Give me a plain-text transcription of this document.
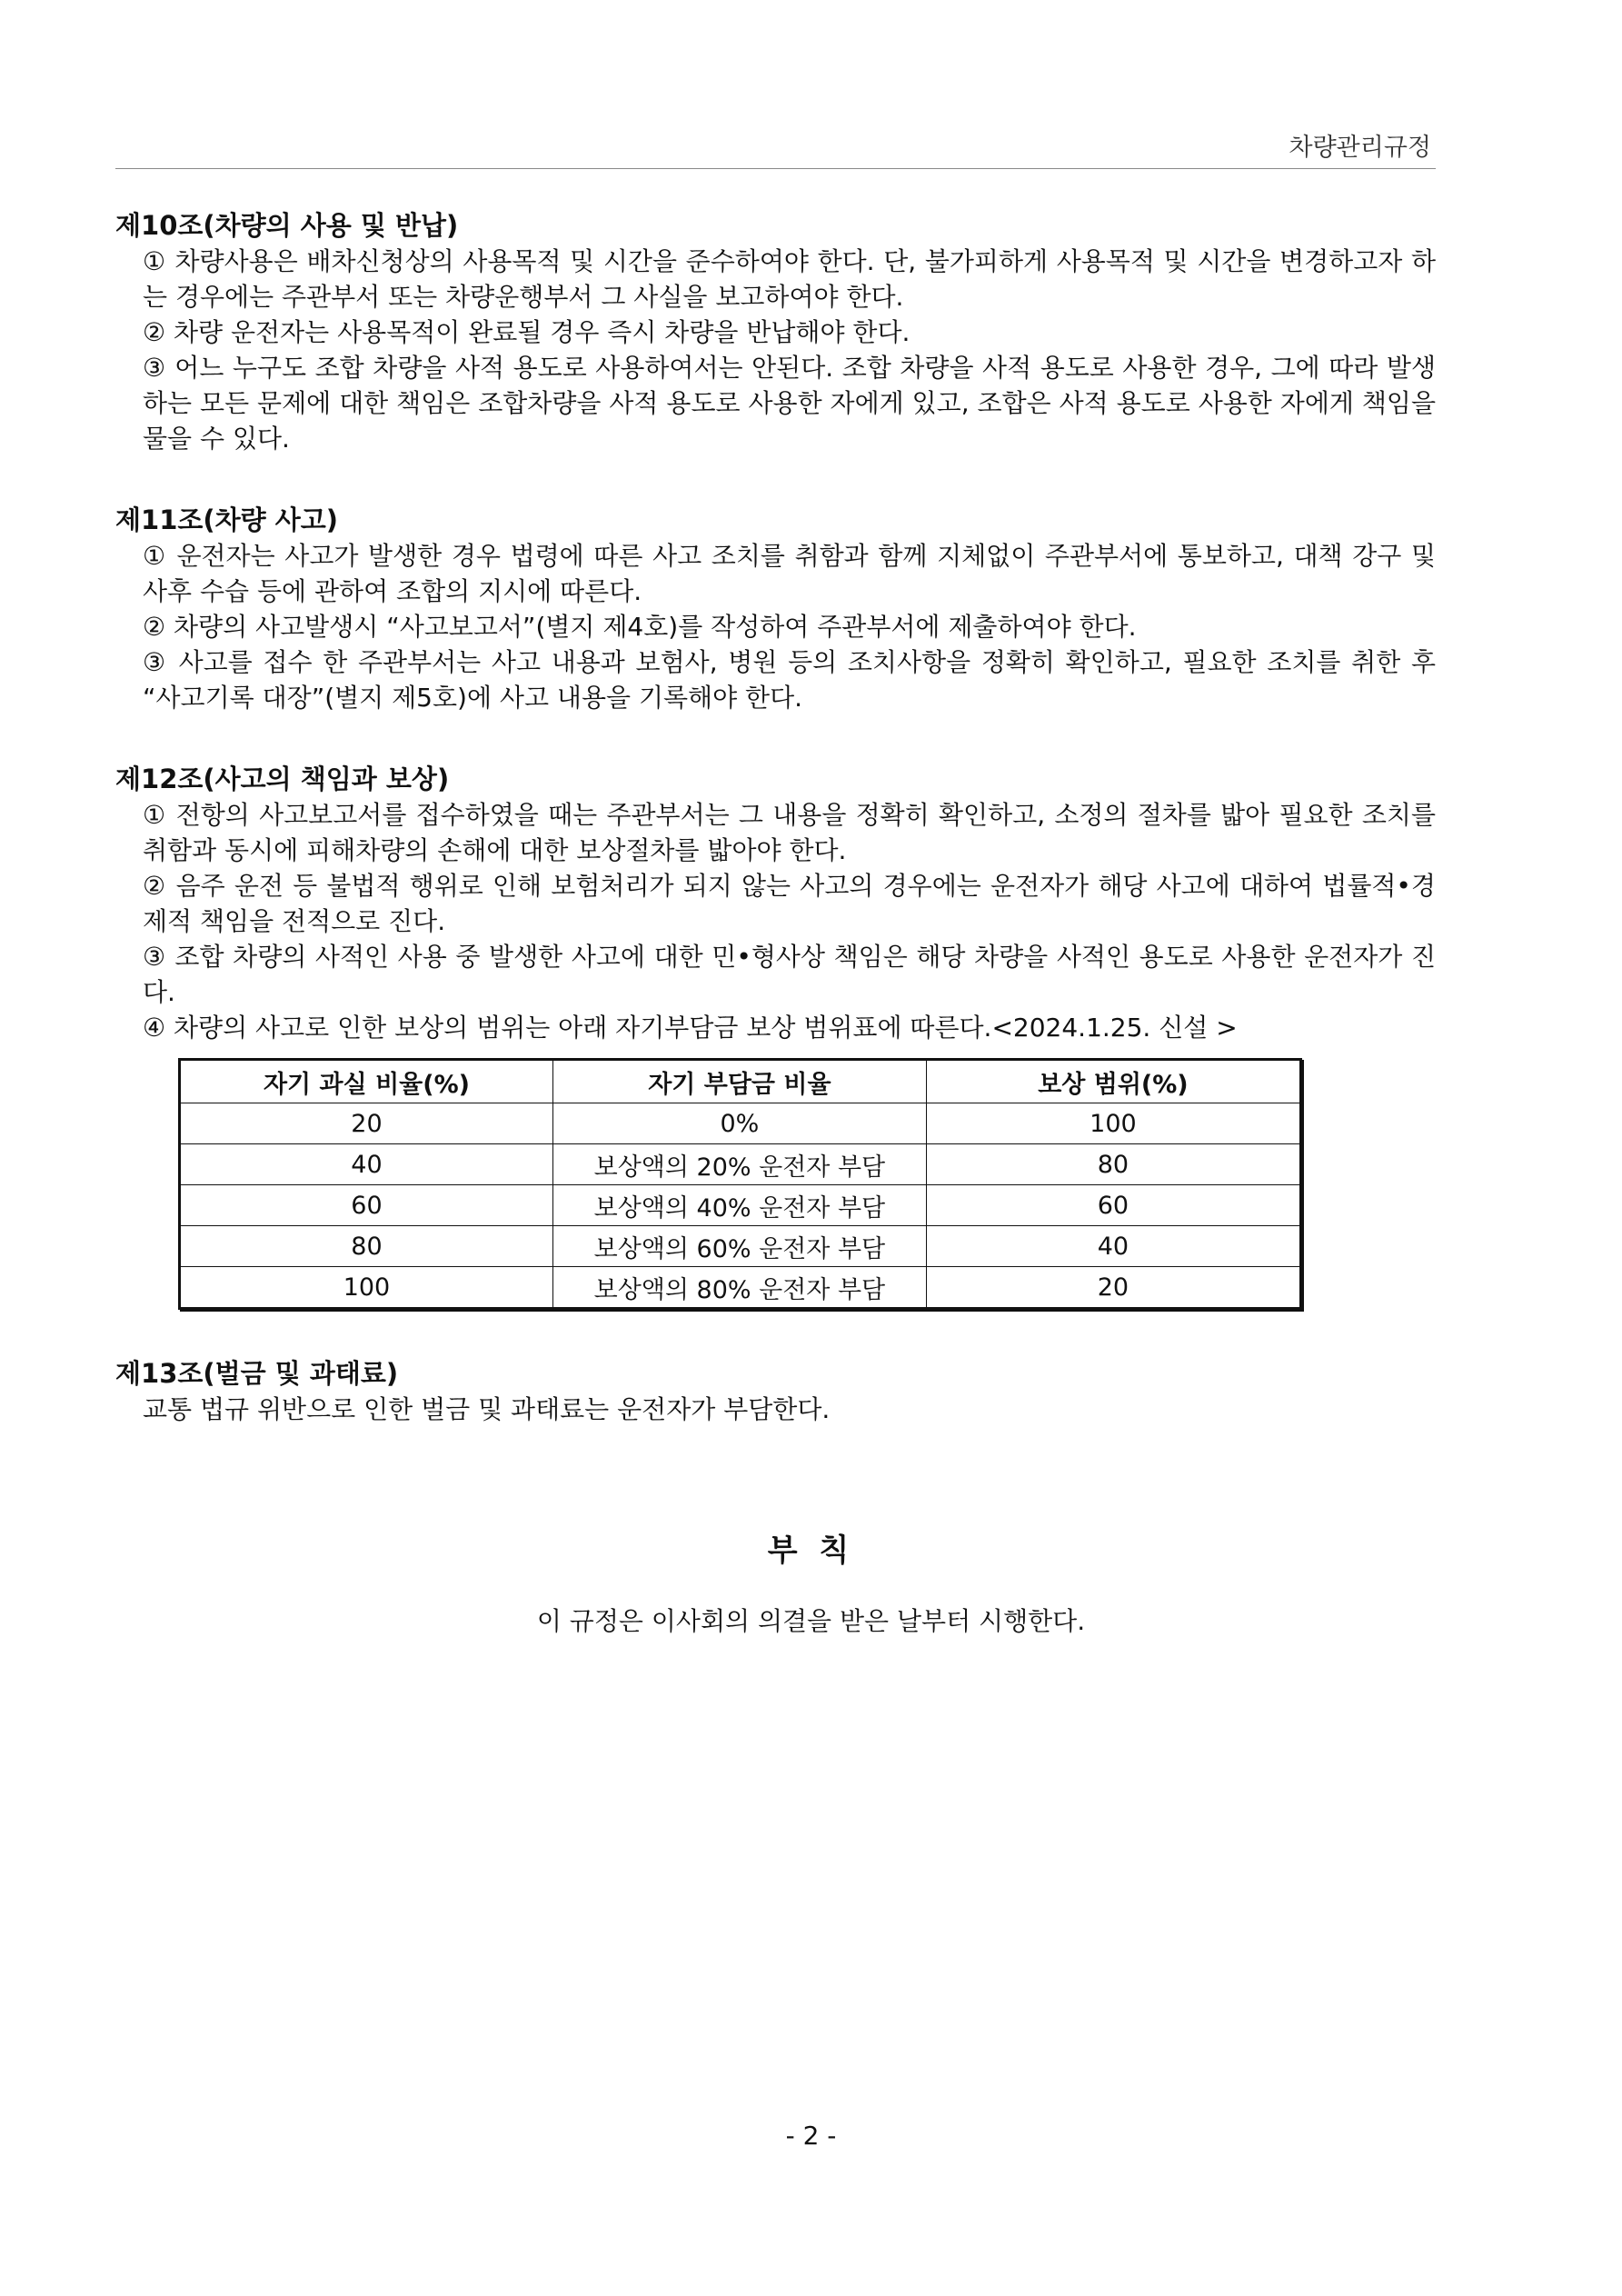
차량관리규정
제10조(차량의 사용 및 반납)

① 차량사용은 배차신청상의 사용목적 및 시간을 준수하여야 한다. 단, 불가피하게 사용목적 및 시간을 변경하고자 하는 경우에는 주관부서 또는 차량운행부서 그 사실을 보고하여야 한다.

② 차량 운전자는 사용목적이 완료될 경우 즉시 차량을 반납해야 한다.

③ 어느 누구도 조합 차량을 사적 용도로 사용하여서는 안된다. 조합 차량을 사적 용도로 사용한 경우, 그에 따라 발생하는 모든 문제에 대한 책임은 조합차량을 사적 용도로 사용한 자에게 있고, 조합은 사적 용도로 사용한 자에게 책임을 물을 수 있다.

제11조(차량 사고)

① 운전자는 사고가 발생한 경우 법령에 따른 사고 조치를 취함과 함께 지체없이 주관부서에 통보하고, 대책 강구 및 사후 수습 등에 관하여 조합의 지시에 따른다.

② 차량의 사고발생시 “사고보고서”(별지 제4호)를 작성하여 주관부서에 제출하여야 한다.

③ 사고를 접수 한 주관부서는 사고 내용과 보험사, 병원 등의 조치사항을 정확히 확인하고, 필요한 조치를 취한 후 “사고기록 대장”(별지 제5호)에 사고 내용을 기록해야 한다.

제12조(사고의 책임과 보상)

① 전항의 사고보고서를 접수하였을 때는 주관부서는 그 내용을 정확히 확인하고, 소정의 절차를 밟아 필요한 조치를 취함과 동시에 피해차량의 손해에 대한 보상절차를 밟아야 한다.

② 음주 운전 등 불법적 행위로 인해 보험처리가 되지 않는 사고의 경우에는 운전자가 해당 사고에 대하여 법률적•경제적 책임을 전적으로 진다.

③ 조합 차량의 사적인 사용 중 발생한 사고에 대한 민•형사상 책임은 해당 차량을 사적인 용도로 사용한 운전자가 진다.

④ 차량의 사고로 인한 보상의 범위는 아래 자기부담금 보상 범위표에 따른다.<2024.1.25. 신설 >

자기 과실 비율(%)	자기 부담금 비율	보상 범위(%)
20	0%	100
40	보상액의 20% 운전자 부담	80
60	보상액의 40% 운전자 부담	60
80	보상액의 60% 운전자 부담	40
100	보상액의 80% 운전자 부담	20
제13조(벌금 및 과태료)

교통 법규 위반으로 인한 벌금 및 과태료는 운전자가 부담한다.

부 칙
이 규정은 이사회의 의결을 받은 날부터 시행한다.
- 2 -
